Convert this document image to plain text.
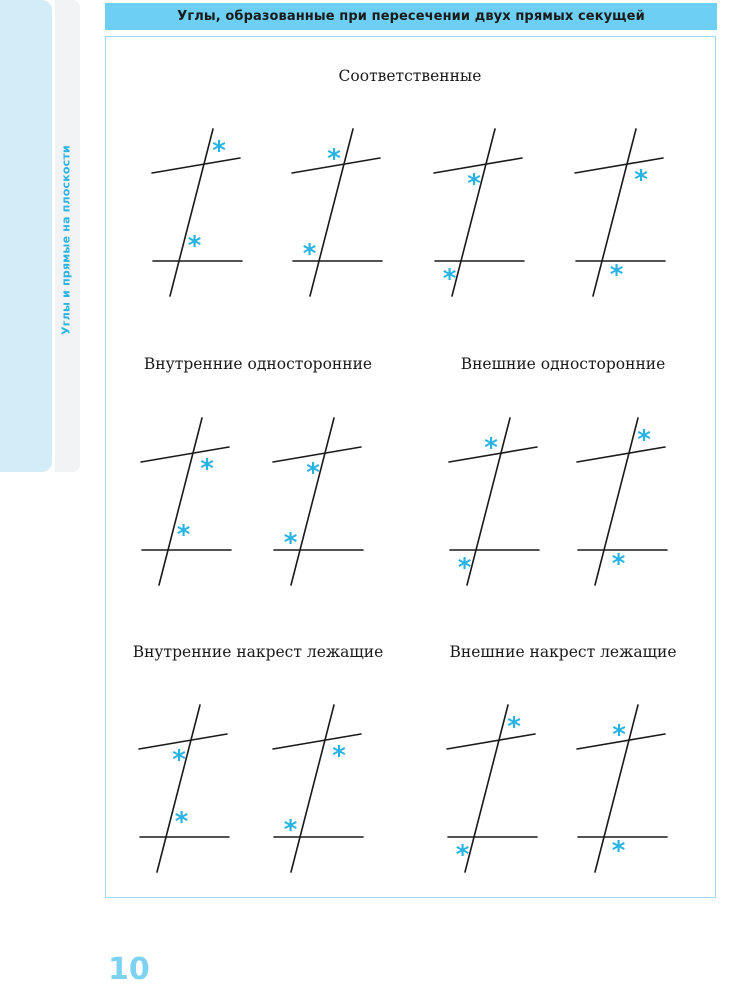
Углы и прямые на плоскости
Углы, образованные при пересечении двух прямых секущей
Соответственные
Внутренние односторонние	Внешние односторонние
Внутренние накрест лежащие	Внешние накрест лежащие
*
*
*
*
*
*
*
*
*
*
*
*
*
*
*
*
*
*
*
*
*
*
*
*
10
